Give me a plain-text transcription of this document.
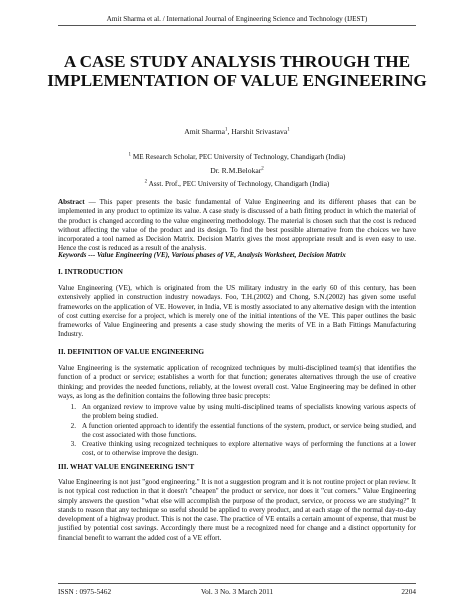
Amit Sharma et al. / International Journal of Engineering Science and Technology (IJEST)
A CASE STUDY ANALYSIS THROUGH THE IMPLEMENTATION OF VALUE ENGINEERING
Amit Sharma$^1$, Harshit Srivastava$^1$
$^1$ ME Research Scholar, PEC University of Technology, Chandigarh (India)
Dr. R.M.Belokar$^2$
$^2$ Asst. Prof., PEC University of Technology, Chandigarh (India)
Abstract — This paper presents the basic fundamental of Value Engineering and its different phases that can be implemented in any product to optimize its value. A case study is discussed of a bath fitting product in which the material of the product is changed according to the value engineering methodology. The material is chosen such that the cost is reduced without affecting the value of the product and its design. To find the best possible alternative from the choices we have incorporated a tool named as Decision Matrix. Decision Matrix gives the most appropriate result and is even easy to use. Hence the cost is reduced as a result of the analysis.
Keywords --- Value Engineering (VE), Various phases of VE, Analysis Worksheet, Decision Matrix
I. INTRODUCTION
Value Engineering (VE), which is originated from the US military industry in the early 60 of this century, has been extensively applied in construction industry nowadays. Foo, T.H.(2002) and Chong, S.N.(2002) has given some useful frameworks on the application of VE. However, in India, VE is mostly associated to any alternative design with the intention of cost cutting exercise for a project, which is merely one of the initial intentions of the VE. This paper outlines the basic frameworks of Value Engineering and presents a case study showing the merits of VE in a Bath Fittings Manufacturing Industry.
II. DEFINITION OF VALUE ENGINEERING
Value Engineering is the systematic application of recognized techniques by multi-disciplined team(s) that identifies the function of a product or service; establishes a worth for that function; generates alternatives through the use of creative thinking; and provides the needed functions, reliably, at the lowest overall cost. Value Engineering may be defined in other ways, as long as the definition contains the following three basic precepts:
1. An organized review to improve value by using multi-disciplined teams of specialists knowing various aspects of the problem being studied.
2. A function oriented approach to identify the essential functions of the system, product, or service being studied, and the cost associated with those functions.
3. Creative thinking using recognized techniques to explore alternative ways of performing the functions at a lower cost, or to otherwise improve the design.
III. WHAT VALUE ENGINEERING ISN'T
Value Engineering is not just "good engineering." It is not a suggestion program and it is not routine project or plan review. It is not typical cost reduction in that it doesn't "cheapen" the product or service, nor does it "cut corners." Value Engineering simply answers the question "what else will accomplish the purpose of the product, service, or process we are studying?" It stands to reason that any technique so useful should be applied to every product, and at each stage of the normal day-to-day development of a highway product. This is not the case. The practice of VE entails a certain amount of expense, that must be justified by potential cost savings. Accordingly there must be a recognized need for change and a distinct opportunity for financial benefit to warrant the added cost of a VE effort.
ISSN : 0975-5462	Vol. 3 No. 3 March 2011	2204
